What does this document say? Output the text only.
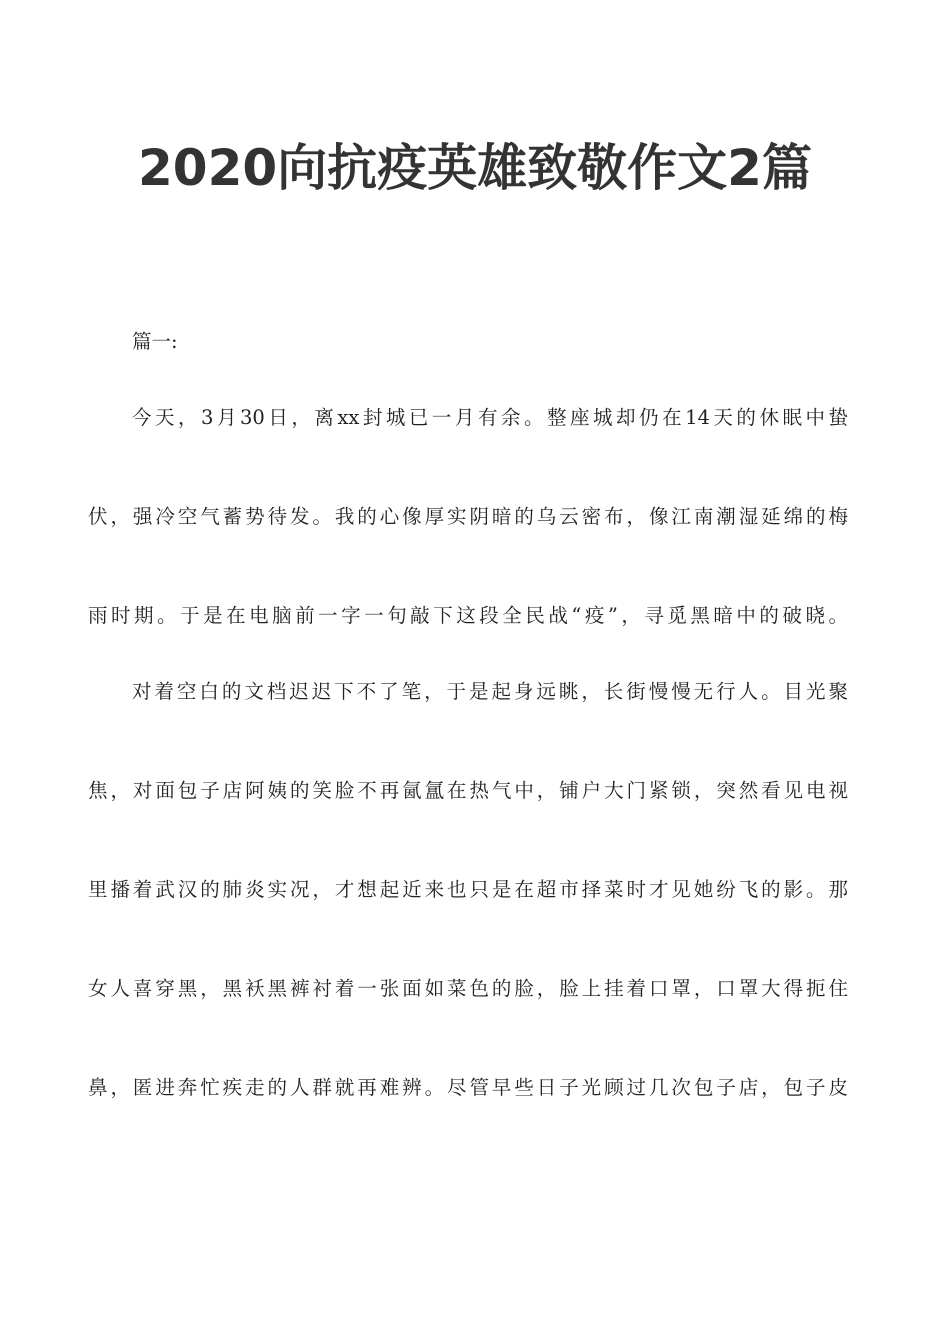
2020向抗疫英雄致敬作文2篇
篇一:
今天，3月30日，离xx封城已一月有余。整座城却仍在14天的休眠中蛰
伏，强冷空气蓄势待发。我的心像厚实阴暗的乌云密布，像江南潮湿延绵的梅
雨时期。于是在电脑前一字一句敲下这段全民战“疫”，寻觅黑暗中的破晓。
对着空白的文档迟迟下不了笔，于是起身远眺，长街慢慢无行人。目光聚
焦，对面包子店阿姨的笑脸不再氤氲在热气中，铺户大门紧锁，突然看见电视
里播着武汉的肺炎实况，才想起近来也只是在超市择菜时才见她纷飞的影。那
女人喜穿黑，黑袄黑裤衬着一张面如菜色的脸，脸上挂着口罩，口罩大得扼住
鼻，匿进奔忙疾走的人群就再难辨。尽管早些日子光顾过几次包子店，包子皮
